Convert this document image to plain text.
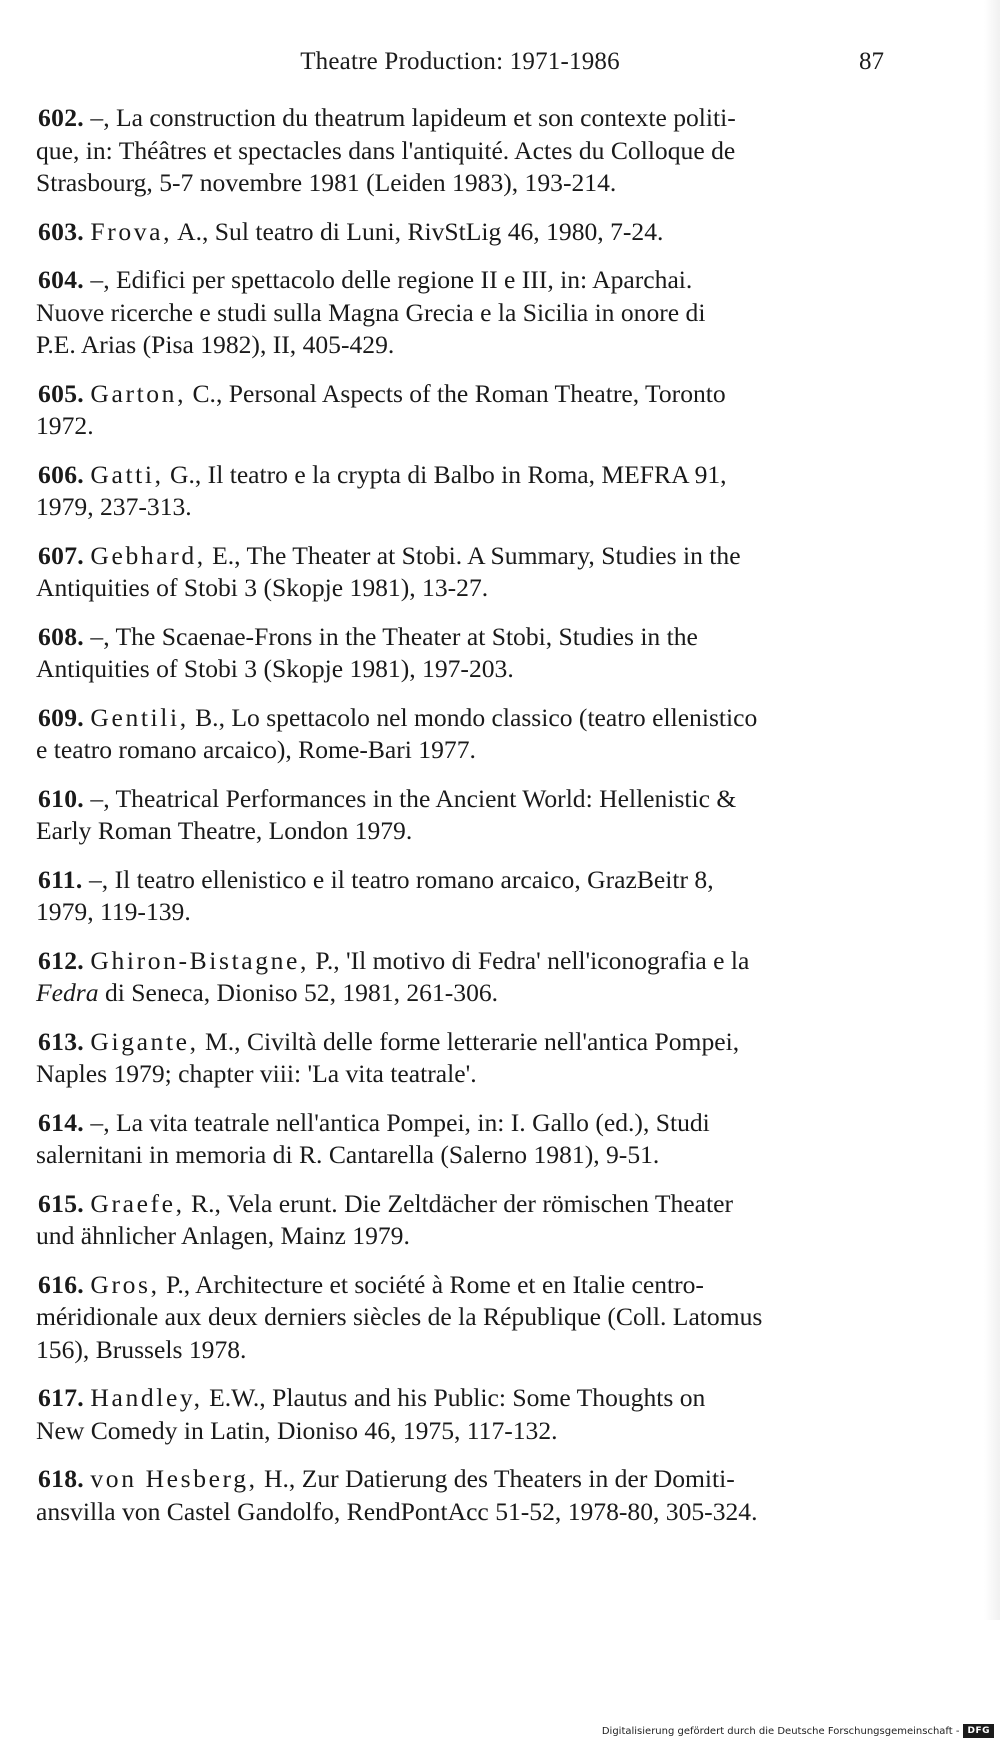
Theatre Production: 1971-1986	87
602. –, La construction du theatrum lapideum et son contexte politi-
que, in: Théâtres et spectacles dans l'antiquité. Actes du Colloque de
Strasbourg, 5-7 novembre 1981 (Leiden 1983), 193-214.
603. Frova, A., Sul teatro di Luni, RivStLig 46, 1980, 7-24.
604. –, Edifici per spettacolo delle regione II e III, in: Aparchai.
Nuove ricerche e studi sulla Magna Grecia e la Sicilia in onore di
P.E. Arias (Pisa 1982), II, 405-429.
605. Garton, C., Personal Aspects of the Roman Theatre, Toronto
1972.
606. Gatti, G., Il teatro e la crypta di Balbo in Roma, MEFRA 91,
1979, 237-313.
607. Gebhard, E., The Theater at Stobi. A Summary, Studies in the
Antiquities of Stobi 3 (Skopje 1981), 13-27.
608. –, The Scaenae-Frons in the Theater at Stobi, Studies in the
Antiquities of Stobi 3 (Skopje 1981), 197-203.
609. Gentili, B., Lo spettacolo nel mondo classico (teatro ellenistico
e teatro romano arcaico), Rome-Bari 1977.
610. –, Theatrical Performances in the Ancient World: Hellenistic &
Early Roman Theatre, London 1979.
611. –, Il teatro ellenistico e il teatro romano arcaico, GrazBeitr 8,
1979, 119-139.
612. Ghiron-Bistagne, P., 'Il motivo di Fedra' nell'iconografia e la
Fedra di Seneca, Dioniso 52, 1981, 261-306.
613. Gigante, M., Civiltà delle forme letterarie nell'antica Pompei,
Naples 1979; chapter viii: 'La vita teatrale'.
614. –, La vita teatrale nell'antica Pompei, in: I. Gallo (ed.), Studi
salernitani in memoria di R. Cantarella (Salerno 1981), 9-51.
615. Graefe, R., Vela erunt. Die Zeltdächer der römischen Theater
und ähnlicher Anlagen, Mainz 1979.
616. Gros, P., Architecture et société à Rome et en Italie centro-
méridionale aux deux derniers siècles de la République (Coll. Latomus
156), Brussels 1978.
617. Handley, E.W., Plautus and his Public: Some Thoughts on
New Comedy in Latin, Dioniso 46, 1975, 117-132.
618. von Hesberg, H., Zur Datierung des Theaters in der Domiti-
ansvilla von Castel Gandolfo, RendPontAcc 51-52, 1978-80, 305-324.
Digitalisierung gefördert durch die Deutsche Forschungsgemeinschaft - DFG
